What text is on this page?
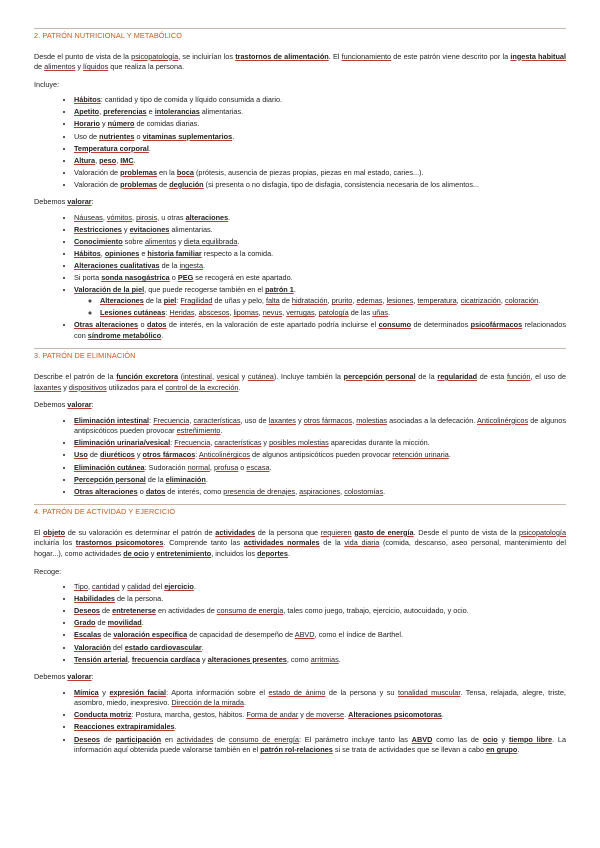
2. PATRÓN NUTRICIONAL Y METABÓLICO

Desde el punto de vista de la psicopatología, se incluirían los trastornos de alimentación. El funcionamiento de este patrón viene descrito por la ingesta habitual de alimentos y líquidos que realiza la persona.

Incluye:
• Hábitos: cantidad y tipo de comida y líquido consumida a diario.
• Apetito, preferencias e intolerancias alimentarias.
• Horario y número de comidas diarias.
• Uso de nutrientes o vitaminas suplementarios.
• Temperatura corporal.
• Altura, peso, IMC.
• Valoración de problemas en la boca (prótesis, ausencia de piezas propias, piezas en mal estado, caries...).
• Valoración de problemas de deglución (si presenta o no disfagia, tipo de disfagia, consistencia necesaria de los alimentos...
Debemos valorar:
• Náuseas, vómitos, pirosis, u otras alteraciones.
• Restricciones y evitaciones alimentarias.
• Conocimiento sobre alimentos y dieta equilibrada.
• Hábitos, opiniones e historia familiar respecto a la comida.
• Alteraciones cualitativas de la ingesta.
• Si porta sonda nasogástrica o PEG se recogerá en este apartado.
• Valoración de la piel, que puede recogerse también en el patrón 1.
◦ Alteraciones de la piel: Fragilidad de uñas y pelo, falta de hidratación, prurito, edemas, lesiones, temperatura, cicatrización, coloración.
◦ Lesiones cutáneas: Heridas, abscesos, lipomas, nevus, verrugas, patología de las uñas.
• Otras alteraciones o datos de interés, en la valoración de este apartado podría incluirse el consumo de determinados psicofármacos relacionados con síndrome metabólico.
3. PATRÓN DE ELIMINACIÓN

Describe el patrón de la función excretora (intestinal, vesical y cutánea). Incluye también la percepción personal de la regularidad de esta función, el uso de laxantes y dispositivos utilizados para el control de la excreción.

Debemos valorar:
• Eliminación intestinal: Frecuencia, características, uso de laxantes y otros fármacos, molestias asociadas a la defecación. Anticolinérgicos de algunos antipsicóticos pueden provocar estreñimiento.
• Eliminación urinaria/vesical: Frecuencia, características y posibles molestias aparecidas durante la micción.
• Uso de diuréticos y otros fármacos: Anticolinérgicos de algunos antipsicóticos pueden provocar retención urinaria.
• Eliminación cutánea: Sudoración normal, profusa o escasa.
• Percepción personal de la eliminación.
• Otras alteraciones o datos de interés, como presencia de drenajes, aspiraciones, colostomías.
4. PATRÓN DE ACTIVIDAD Y EJERCICIO

El objeto de su valoración es determinar el patrón de actividades de la persona que requieren gasto de energía. Desde el punto de vista de la psicopatología incluiría los trastornos psicomotores. Comprende tanto las actividades normales de la vida diaria (comida, descanso, aseo personal, mantenimiento del hogar...), como actividades de ocio y entretenimiento, incluidos los deportes.

Recoge:
• Tipo, cantidad y calidad del ejercicio.
• Habilidades de la persona.
• Deseos de entretenerse en actividades de consumo de energía, tales como juego, trabajo, ejercicio, autocuidado, y ocio.
• Grado de movilidad.
• Escalas de valoración específica de capacidad de desempeño de ABVD, como el índice de Barthel.
• Valoración del estado cardiovascular.
• Tensión arterial, frecuencia cardíaca y alteraciones presentes, como arritmias.
Debemos valorar:
• Mímica y expresión facial: Aporta información sobre el estado de ánimo de la persona y su tonalidad muscular. Tensa, relajada, alegre, triste, asombro, miedo, inexpresivo. Dirección de la mirada.
• Conducta motriz: Postura, marcha, gestos, hábitos. Forma de andar y de moverse. Alteraciones psicomotoras.
• Reacciones extrapiramidales.
• Deseos de participación en actividades de consumo de energía: El parámetro incluye tanto las ABVD como las de ocio y tiempo libre. La información aquí obtenida puede valorarse también en el patrón rol-relaciones si se trata de actividades que se llevan a cabo en grupo.
